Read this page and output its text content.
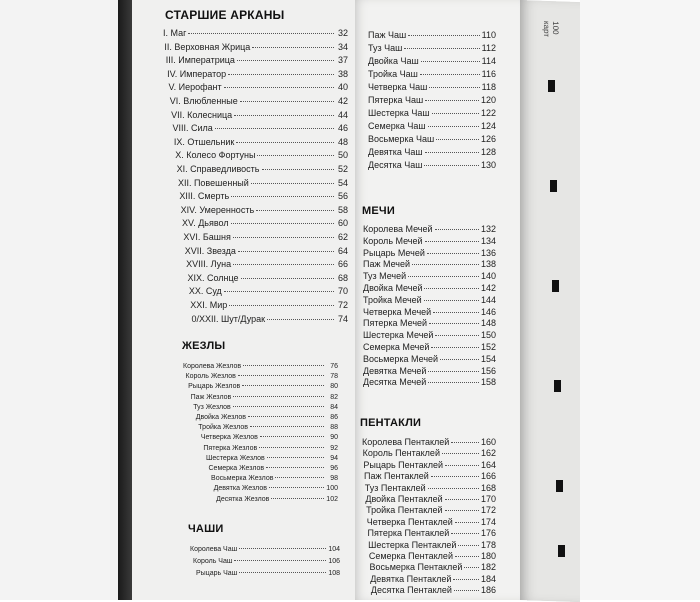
100 карт
СТАРШИЕ АРКАНЫ
ЖЕЗЛЫ
ЧАШИ
МЕЧИ
ПЕНТАКЛИ
I. Маг	32
II. Верховная Жрица	34
III. Императрица	37
IV. Император	38
V. Иерофант	40
VI. Влюбленные	42
VII. Колесница	44
VIII. Сила	46
IX. Отшельник	48
X. Колесо Фортуны	50
XI. Справедливость	52
XII. Повешенный	54
XIII. Смерть	56
XIV. Умеренность	58
XV. Дьявол	60
XVI. Башня	62
XVII. Звезда	64
XVIII. Луна	66
XIX. Солнце	68
XX. Суд	70
XXI. Мир	72
0/XXII. Шут/Дурак	74
Королева Жезлов	76
Король Жезлов	78
Рыцарь Жезлов	80
Паж Жезлов	82
Туз Жезлов	84
Двойка Жезлов	86
Тройка Жезлов	88
Четверка Жезлов	90
Пятерка Жезлов	92
Шестерка Жезлов	94
Семерка Жезлов	96
Восьмерка Жезлов	98
Девятка Жезлов	100
Десятка Жезлов	102
Королева Чаш	104
Король Чаш	106
Рыцарь Чаш	108
Паж Чаш	110
Туз Чаш	112
Двойка Чаш	114
Тройка Чаш	116
Четверка Чаш	118
Пятерка Чаш	120
Шестерка Чаш	122
Семерка Чаш	124
Восьмерка Чаш	126
Девятка Чаш	128
Десятка Чаш	130
Королева Мечей	132
Король Мечей	134
Рыцарь Мечей	136
Паж Мечей	138
Туз Мечей	140
Двойка Мечей	142
Тройка Мечей	144
Четверка Мечей	146
Пятерка Мечей	148
Шестерка Мечей	150
Семерка Мечей	152
Восьмерка Мечей	154
Девятка Мечей	156
Десятка Мечей	158
Королева Пентаклей	160
Король Пентаклей	162
Рыцарь Пентаклей	164
Паж Пентаклей	166
Туз Пентаклей	168
Двойка Пентаклей	170
Тройка Пентаклей	172
Четверка Пентаклей	174
Пятерка Пентаклей	176
Шестерка Пентаклей	178
Семерка Пентаклей	180
Восьмерка Пентаклей 182
Девятка Пентаклей	184
Десятка Пентаклей	186
